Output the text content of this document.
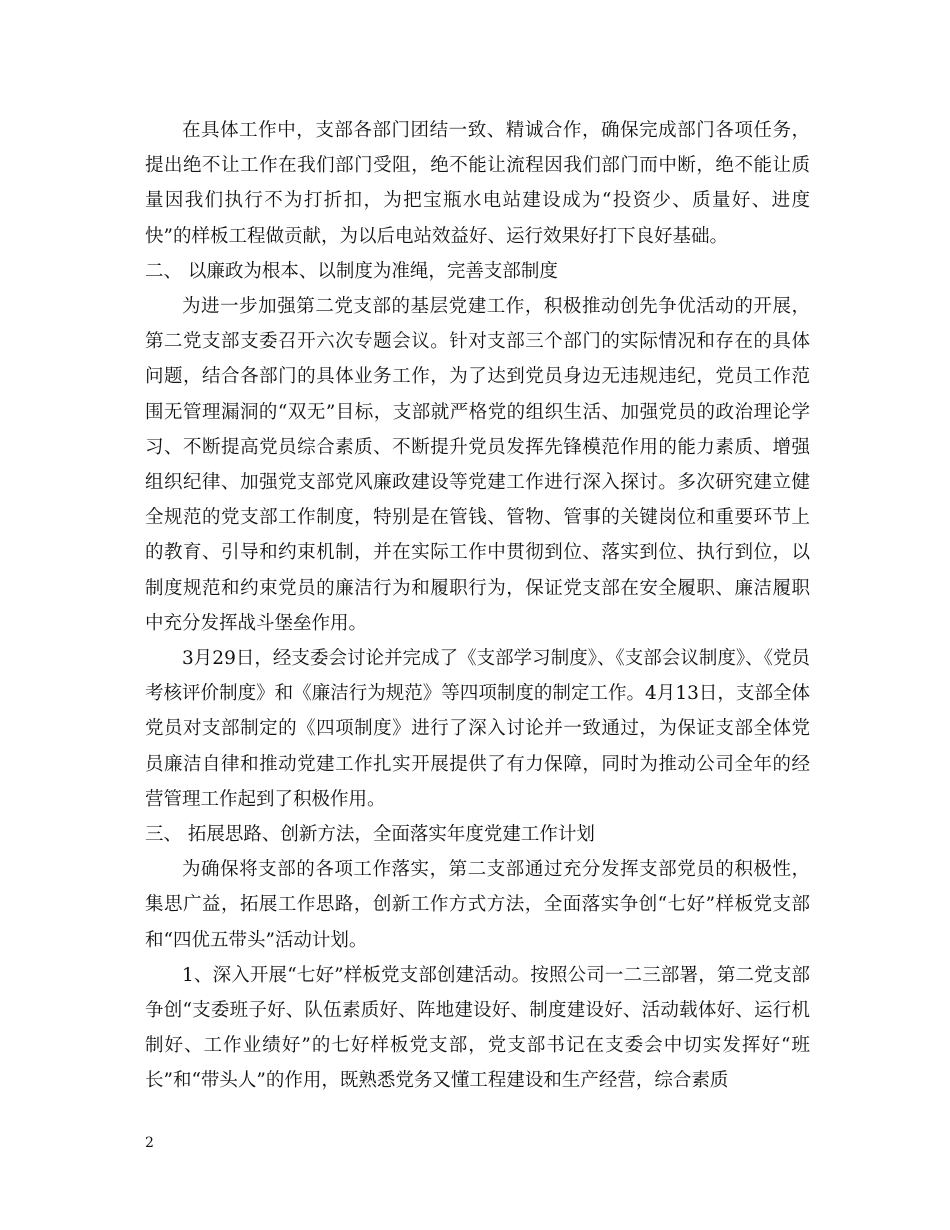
在具体工作中，支部各部门团结一致、精诚合作，确保完成部门各项任务，提出绝不让工作在我们部门受阻，绝不能让流程因我们部门而中断，绝不能让质量因我们执行不为打折扣，为把宝瓶水电站建设成为“投资少、质量好、进度快”的样板工程做贡献，为以后电站效益好、运行效果好打下良好基础。

二、 以廉政为根本、以制度为准绳，完善支部制度

为进一步加强第二党支部的基层党建工作，积极推动创先争优活动的开展，第二党支部支委召开六次专题会议。针对支部三个部门的实际情况和存在的具体问题，结合各部门的具体业务工作，为了达到党员身边无违规违纪，党员工作范围无管理漏洞的“双无”目标，支部就严格党的组织生活、加强党员的政治理论学习、不断提高党员综合素质、不断提升党员发挥先锋模范作用的能力素质、增强组织纪律、加强党支部党风廉政建设等党建工作进行深入探讨。多次研究建立健全规范的党支部工作制度，特别是在管钱、管物、管事的关键岗位和重要环节上的教育、引导和约束机制，并在实际工作中贯彻到位、落实到位、执行到位，以制度规范和约束党员的廉洁行为和履职行为，保证党支部在安全履职、廉洁履职中充分发挥战斗堡垒作用。

3月29日，经支委会讨论并完成了《支部学习制度》、《支部会议制度》、《党员考核评价制度》和《廉洁行为规范》等四项制度的制定工作。4月13日，支部全体党员对支部制定的《四项制度》进行了深入讨论并一致通过，为保证支部全体党员廉洁自律和推动党建工作扎实开展提供了有力保障，同时为推动公司全年的经营管理工作起到了积极作用。

三、 拓展思路、创新方法，全面落实年度党建工作计划

为确保将支部的各项工作落实，第二支部通过充分发挥支部党员的积极性，集思广益，拓展工作思路，创新工作方式方法，全面落实争创“七好”样板党支部和“四优五带头”活动计划。

1、深入开展“七好”样板党支部创建活动。按照公司一二三部署，第二党支部争创“支委班子好、队伍素质好、阵地建设好、制度建设好、活动载体好、运行机制好、工作业绩好”的七好样板党支部，党支部书记在支委会中切实发挥好“班长”和“带头人”的作用，既熟悉党务又懂工程建设和生产经营，综合素质

2
